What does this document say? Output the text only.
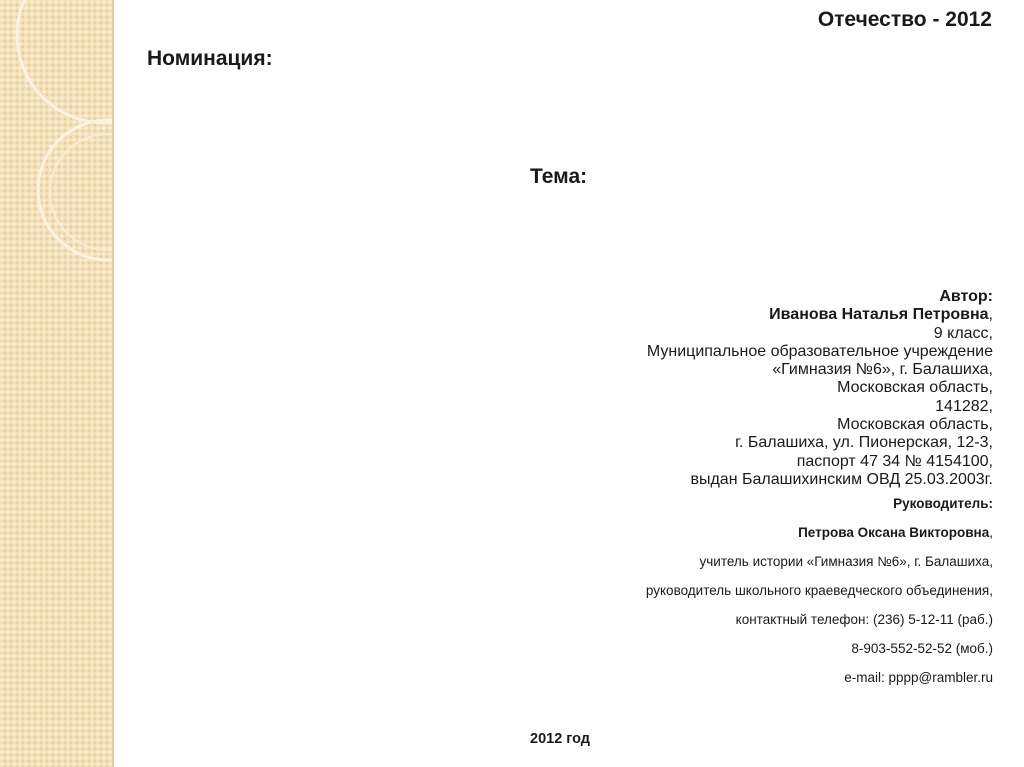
Отечество - 2012

Номинация:

Тема:

Автор:
Иванова Наталья Петровна,
9 класс,
Муниципальное образовательное учреждение
«Гимназия №6», г. Балашиха,
Московская область,
141282,
Московская область,
г. Балашиха, ул. Пионерская, 12-3,
паспорт 47 34 № 4154100,
выдан Балашихинским ОВД 25.03.2003г.
Руководитель:
Петрова Оксана Викторовна,
учитель истории «Гимназия №6», г. Балашиха,
руководитель школьного краеведческого объединения,
контактный телефон: (236) 5-12-11 (раб.)
8-903-552-52-52 (моб.)
e-mail: pppp@rambler.ru

2012 год
